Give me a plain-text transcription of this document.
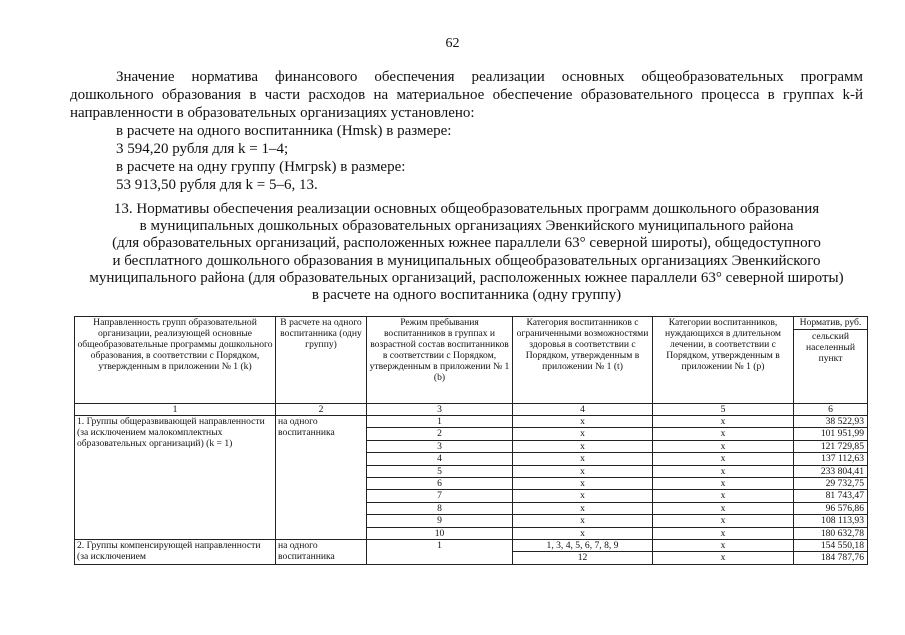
62
Значение норматива финансового обеспечения реализации основных общеобразовательных программ
дошкольного образования в части расходов на материальное обеспечение образовательного процесса в группах k-й
направленности в образовательных организациях установлено:
в расчете на одного воспитанника (Hmsk) в размере:
3 594,20 рубля для k = 1–4;
в расчете на одну группу (Hмгpsk) в размере:
53 913,50 рубля для k = 5–6, 13.
13. Нормативы обеспечения реализации основных общеобразовательных программ дошкольного образования
в муниципальных дошкольных образовательных организациях Эвенкийского муниципального района
(для образовательных организаций, расположенных южнее параллели 63° северной широты), общедоступного
и бесплатного дошкольного образования в муниципальных общеобразовательных организациях Эвенкийского
муниципального района (для образовательных организаций, расположенных южнее параллели 63° северной широты)
в расчете на одного воспитанника (одну группу)
Направленность групп образовательной организации, реализующей основные общеобразовательные программы дошкольного образования, в соответствии с Порядком, утвержденным в приложении № 1 (k)	В расчете на одного воспитанника (одну группу)	Режим пребывания воспитанников в группах и возрастной состав воспитанников в соответствии с Порядком, утвержденным в приложении № 1 (b)	Категория воспитанников с ограниченными возможностями здоровья в соответствии с Порядком, утвержденным в приложении № 1 (t)	Категории воспитанников, нуждающихся в длительном лечении, в соответствии с Порядком, утвержденным в приложении № 1 (p)	Норматив, руб.
сельский населенный пункт

1	2	3	4	5	6
1. Группы общеразвивающей направленности (за исключением малокомплектных образовательных организаций) (k = 1)	на одного воспитанника	1	x	x	38 522,93
		2	x	x	101 951,99
		3	x	x	121 729,85
		4	x	x	137 112,63
		5	x	x	233 804,41
		6	x	x	29 732,75
		7	x	x	81 743,47
		8	x	x	96 576,86
		9	x	x	108 113,93
		10	x	x	180 632,78
2. Группы компенсирующей направленности (за исключением	на одного воспитанника	1	1, 3, 4, 5, 6, 7, 8, 9	x	154 550,18
			12	x	184 787,76
